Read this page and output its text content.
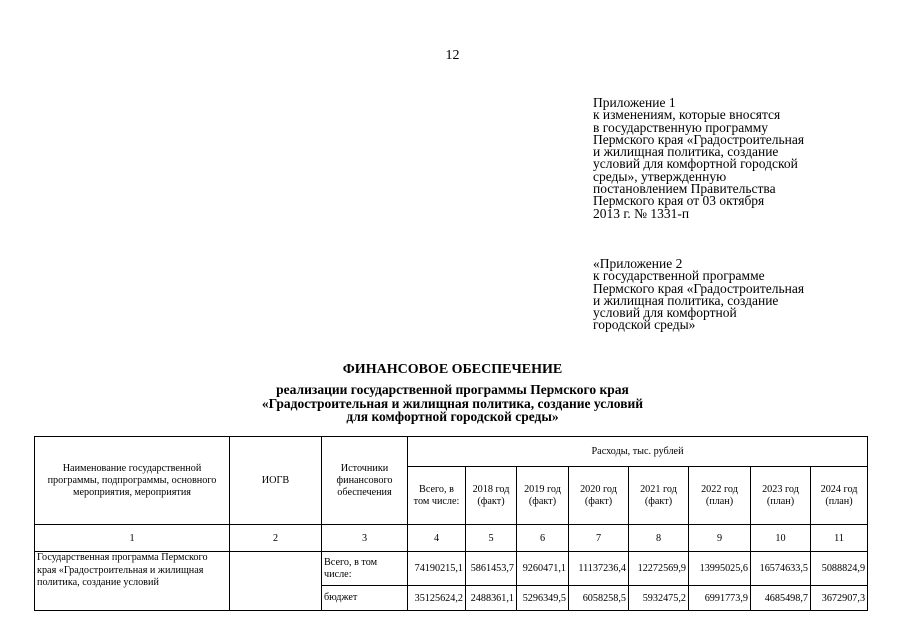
12
Приложение 1
к изменениям, которые вносятся
в государственную программу
Пермского края «Градостроительная
и жилищная политика, создание
условий для комфортной городской
среды», утвержденную
постановлением Правительства
Пермского края от 03 октября
2013 г. № 1331-п
«Приложение 2
к государственной программе
Пермского края «Градостроительная
и жилищная политика, создание
условий для комфортной
городской среды»
ФИНАНСОВОЕ ОБЕСПЕЧЕНИЕ
реализации государственной программы Пермского края
«Градостроительная и жилищная политика, создание условий
для комфортной городской среды»
Наименование государственной программы, подпрограммы, основного мероприятия, мероприятия	ИОГВ	Источники финансового обеспечения	Расходы, тыс. рублей							
			Всего, в том числе:	2018 год (факт)	2019 год (факт)	2020 год (факт)	2021 год (факт)	2022 год (план)	2023 год (план)	2024 год (план)
1	2	3	4	5	6	7	8	9	10	11
Государственная программа Пермского края «Градостроительная и жилищная политика, создание условий		Всего, в том числе:	74190215,1	5861453,7	9260471,1	11137236,4	12272569,9	13995025,6	16574633,5	5088824,9
		бюджет	35125624,2	2488361,1	5296349,5	6058258,5	5932475,2	6991773,9	4685498,7	3672907,3
